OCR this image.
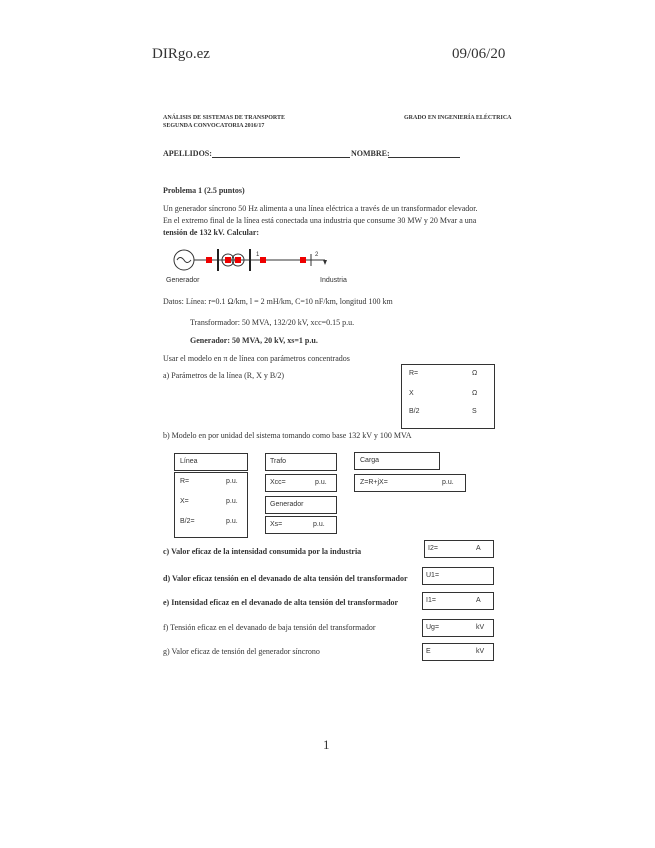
DIRgo.ez	09/06/20
ANÁLISIS DE SISTEMAS DE TRANSPORTE
SEGUNDA CONVOCATORIA 2016/17
GRADO EN INGENIERÍA ELÉCTRICA
APELLIDOS:	NOMBRE:
Problema 1 (2.5 puntos)
Un generador síncrono 50 Hz alimenta a una línea eléctrica a través de un transformador elevador.
En el extremo final de la línea está conectada una industria que consume 30 MW y 20 Mvar a una
tensión de 132 kV. Calcular:
1	2
Generador	Industria
Datos: Línea: r=0.1 Ω/km, l = 2 mH/km, C=10 nF/km, longitud 100 km
Transformador: 50 MVA, 132/20 kV, xcc=0.15 p.u.
Generador: 50 MVA, 20 kV, xs=1 p.u.
Usar el modelo en π de línea con parámetros concentrados
a) Parámetros de la línea (R, X y B/2)	R=	Ω
X	Ω
B/2	S
b) Modelo en por unidad del sistema tomando como base 132 kV y 100 MVA
Línea
R=	p.u.
X=	p.u.
B/2=	p.u.
Trafo
Xcc=	p.u.
Generador
Xs=	p.u.
Carga
Z=R+jX=	p.u.
c) Valor eficaz de la intensidad consumida por la industria	I2=	A
d) Valor eficaz tensión en el devanado de alta tensión del transformador	U1=
e) Intensidad eficaz en el devanado de alta tensión del transformador	I1=	A
f) Tensión eficaz en el devanado de baja tensión del transformador	Ug=	kV
g) Valor eficaz de tensión del generador síncrono	E	kV
1
